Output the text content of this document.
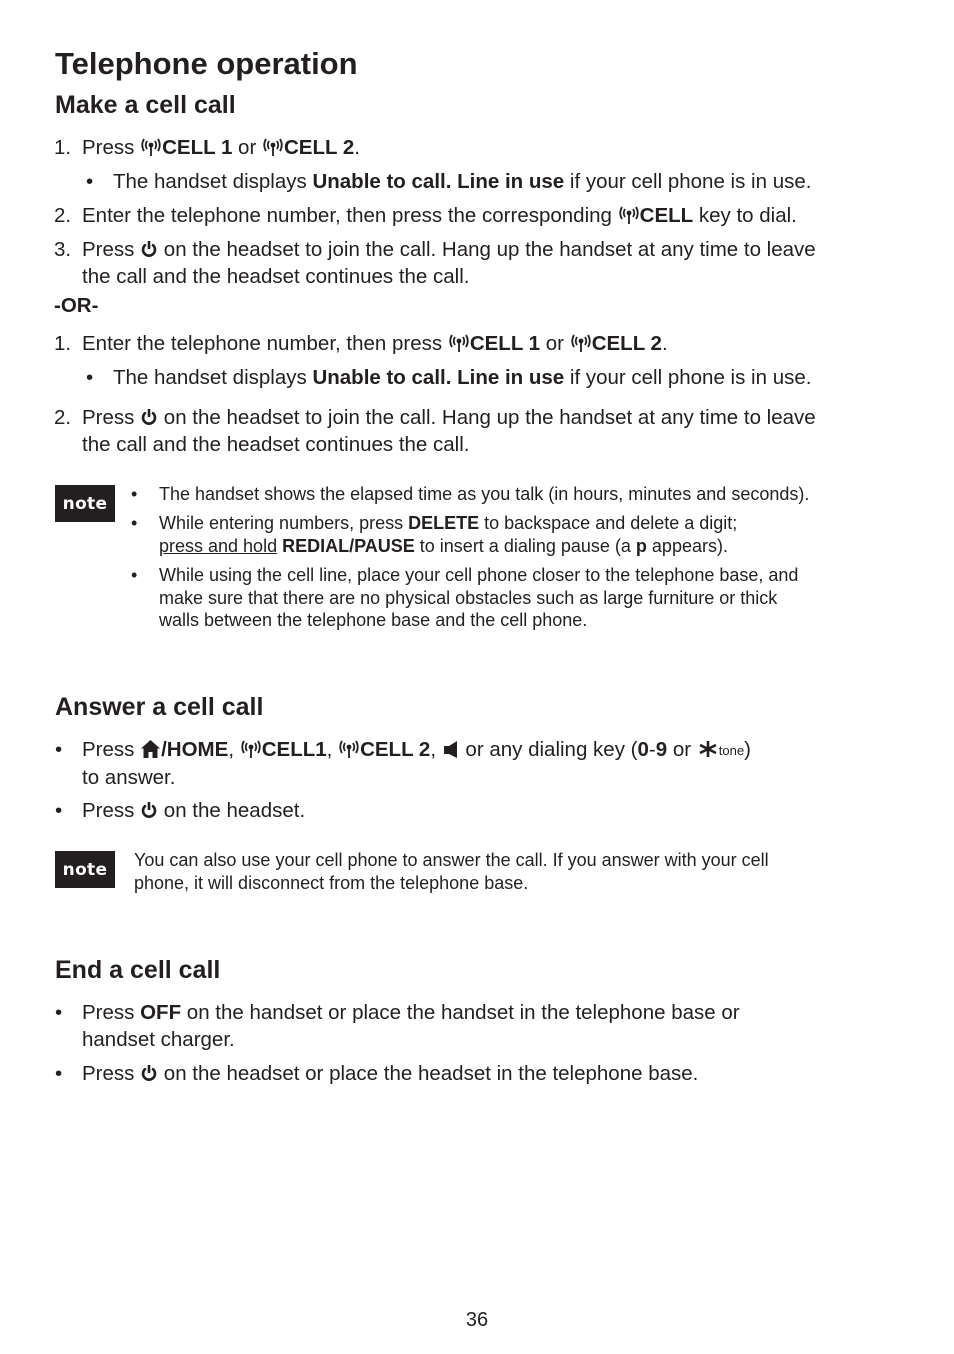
Telephone operation
Make a cell call
1. Press CELL 1 or CELL 2.
• The handset displays Unable to call. Line in use if your cell phone is in use.
2. Enter the telephone number, then press the corresponding CELL key to dial.
3. Press  on the headset to join the call. Hang up the handset at any time to leave
the call and the headset continues the call.
-OR-
1. Enter the telephone number, then press CELL 1 or CELL 2.
• The handset displays Unable to call. Line in use if your cell phone is in use.
2. Press  on the headset to join the call. Hang up the handset at any time to leave
the call and the headset continues the call.
note	• The handset shows the elapsed time as you talk (in hours, minutes and seconds).
• While entering numbers, press DELETE to backspace and delete a digit;
press and hold REDIAL/PAUSE to insert a dialing pause (a p appears).
• While using the cell line, place your cell phone closer to the telephone base, and
make sure that there are no physical obstacles such as large furniture or thick
walls between the telephone base and the cell phone.
Answer a cell call
• Press /HOME, CELL1, CELL 2,  or any dialing key (0-9 or tone)
to answer.
• Press  on the headset.
note	You can also use your cell phone to answer the call. If you answer with your cell
phone, it will disconnect from the telephone base.
End a cell call
• Press OFF on the handset or place the handset in the telephone base or
handset charger.
• Press  on the headset or place the headset in the telephone base.
36
